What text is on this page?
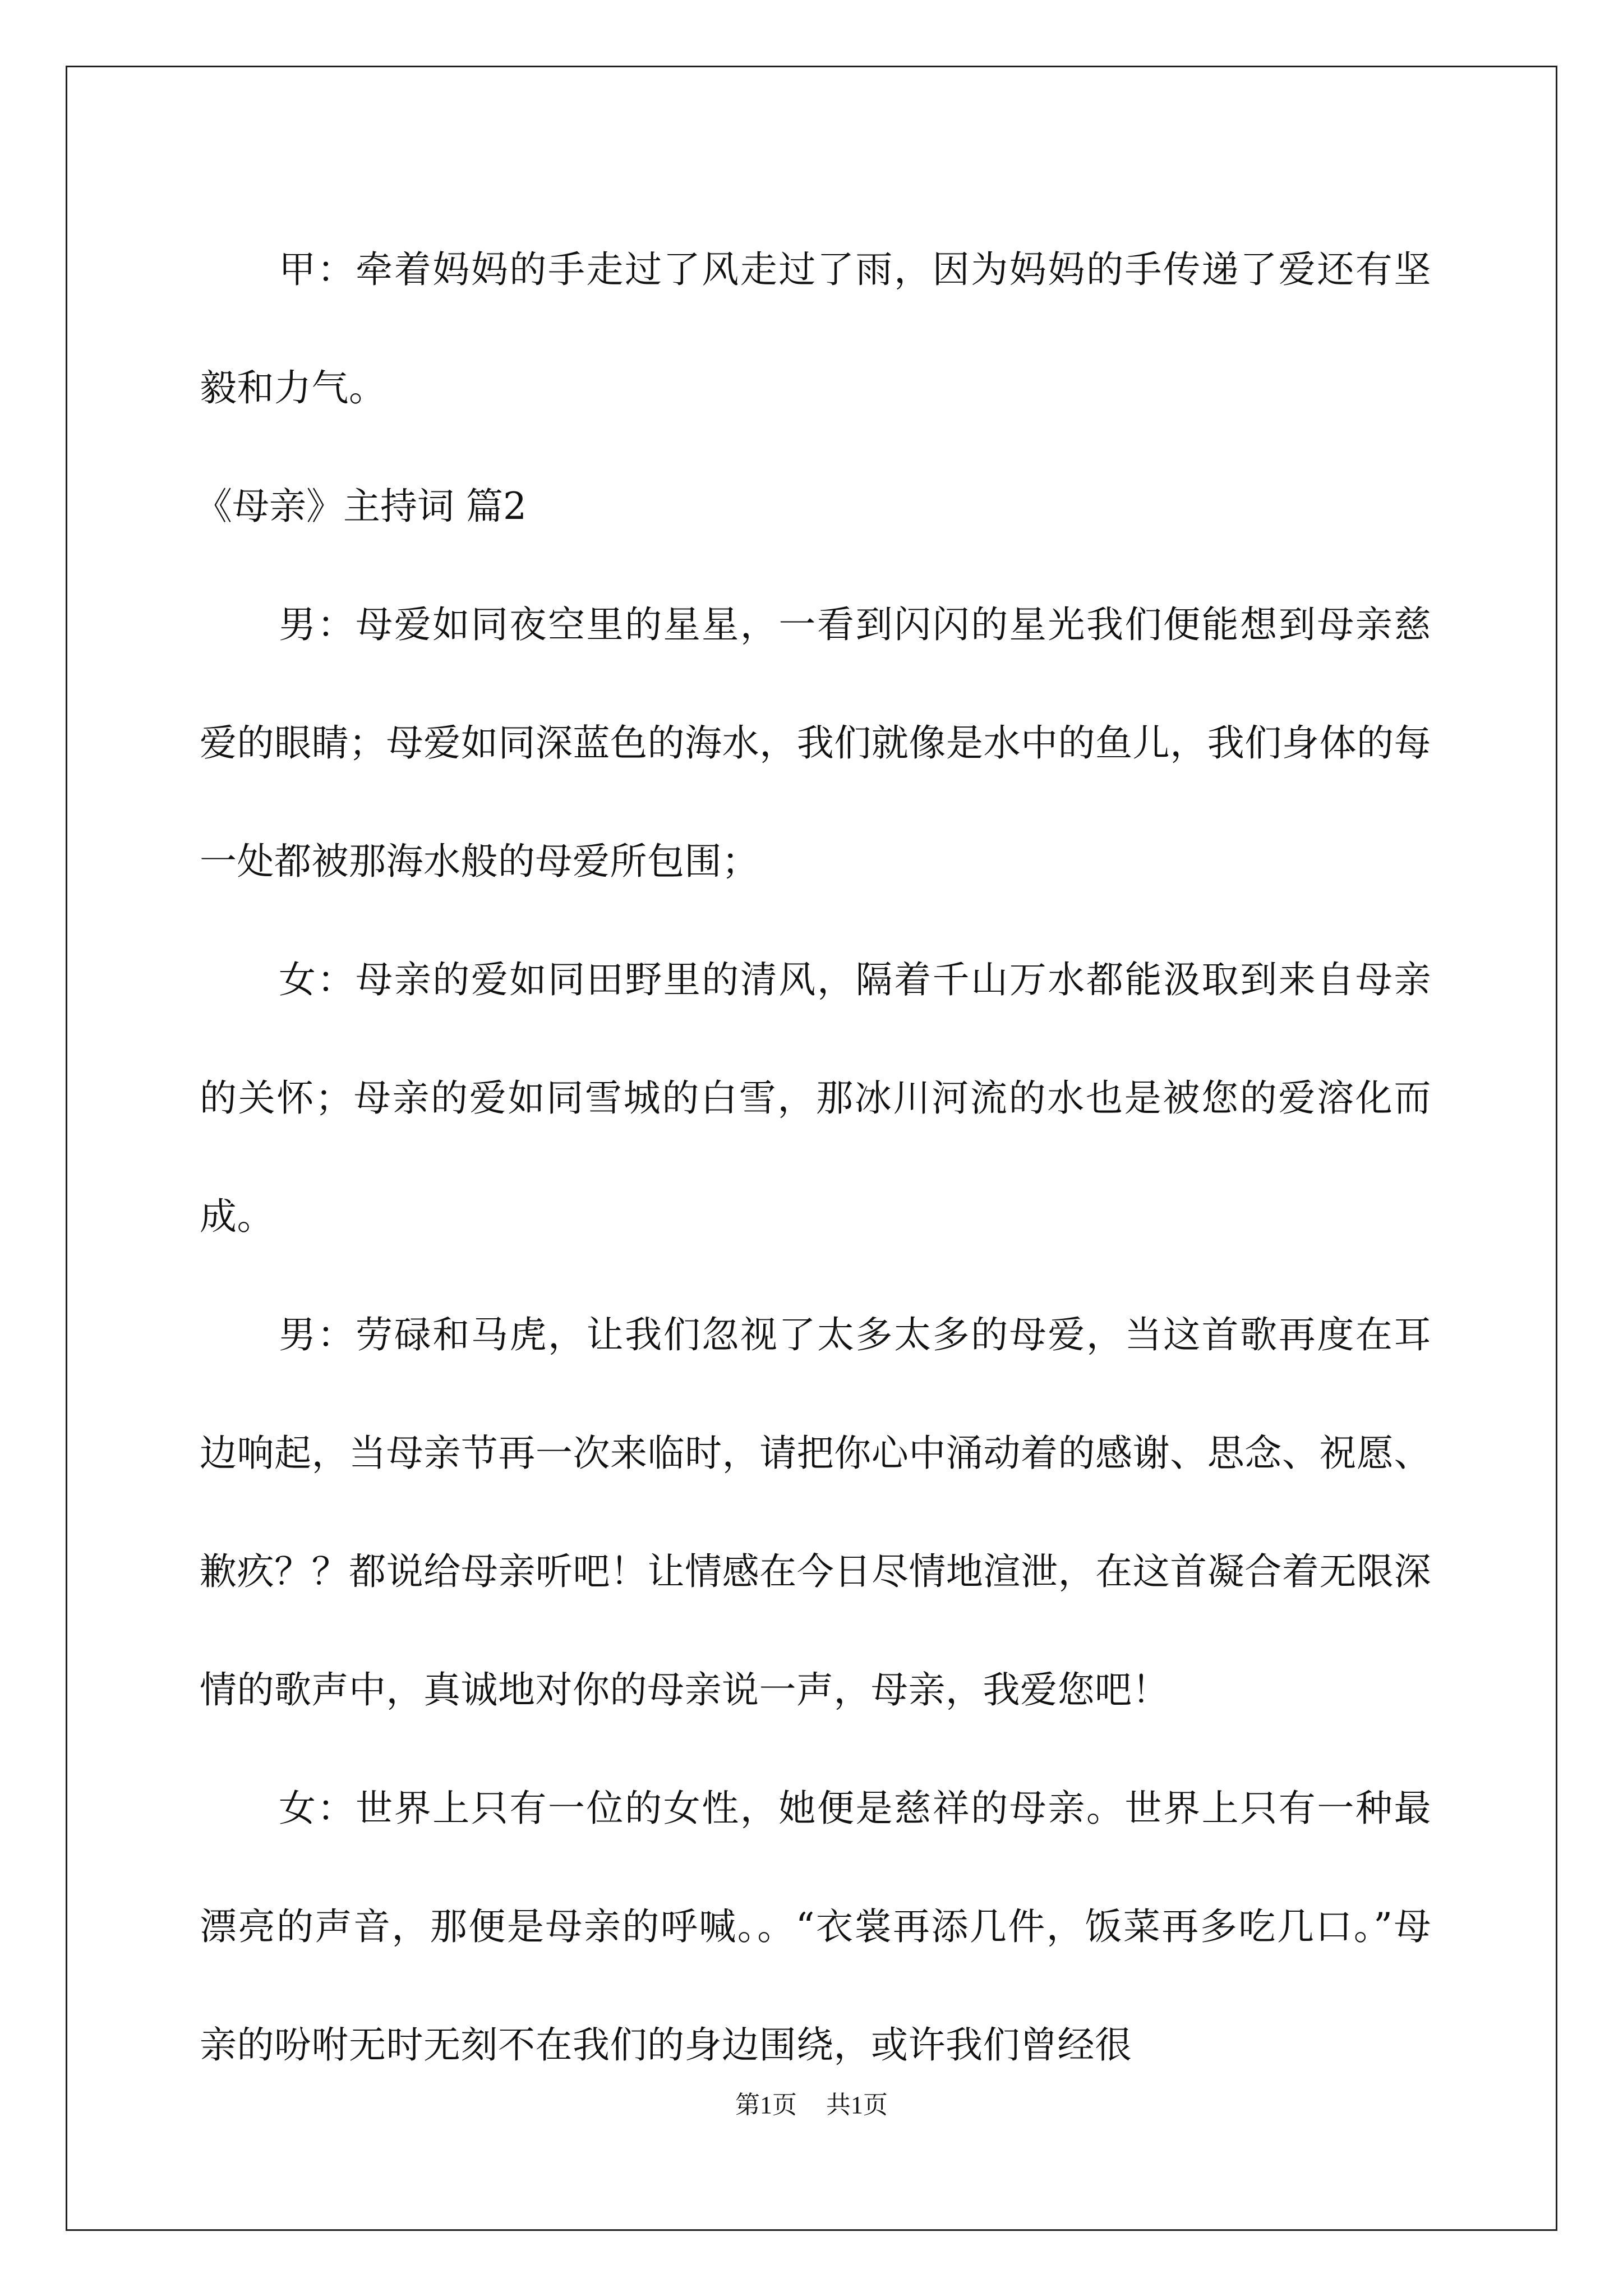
甲：牵着妈妈的手走过了风走过了雨，因为妈妈的手传递了爱还有坚毅和力气。

《母亲》主持词 篇2

男：母爱如同夜空里的星星，一看到闪闪的星光我们便能想到母亲慈爱的眼睛；母爱如同深蓝色的海水，我们就像是水中的鱼儿，我们身体的每一处都被那海水般的母爱所包围；

女：母亲的爱如同田野里的清风，隔着千山万水都能汲取到来自母亲的关怀；母亲的爱如同雪城的白雪，那冰川河流的水也是被您的爱溶化而成。

男：劳碌和马虎，让我们忽视了太多太多的母爱，当这首歌再度在耳边响起，当母亲节再一次来临时，请把你心中涌动着的感谢、思念、祝愿、歉疚？？都说给母亲听吧！让情感在今日尽情地渲泄，在这首凝合着无限深情的歌声中，真诚地对你的母亲说一声，母亲，我爱您吧！

女：世界上只有一位的女性，她便是慈祥的母亲。世界上只有一种最漂亮的声音，那便是母亲的呼喊。。“衣裳再添几件，饭菜再多吃几口。”母亲的吩咐无时无刻不在我们的身边围绕，或许我们曾经很

第1页 共1页
